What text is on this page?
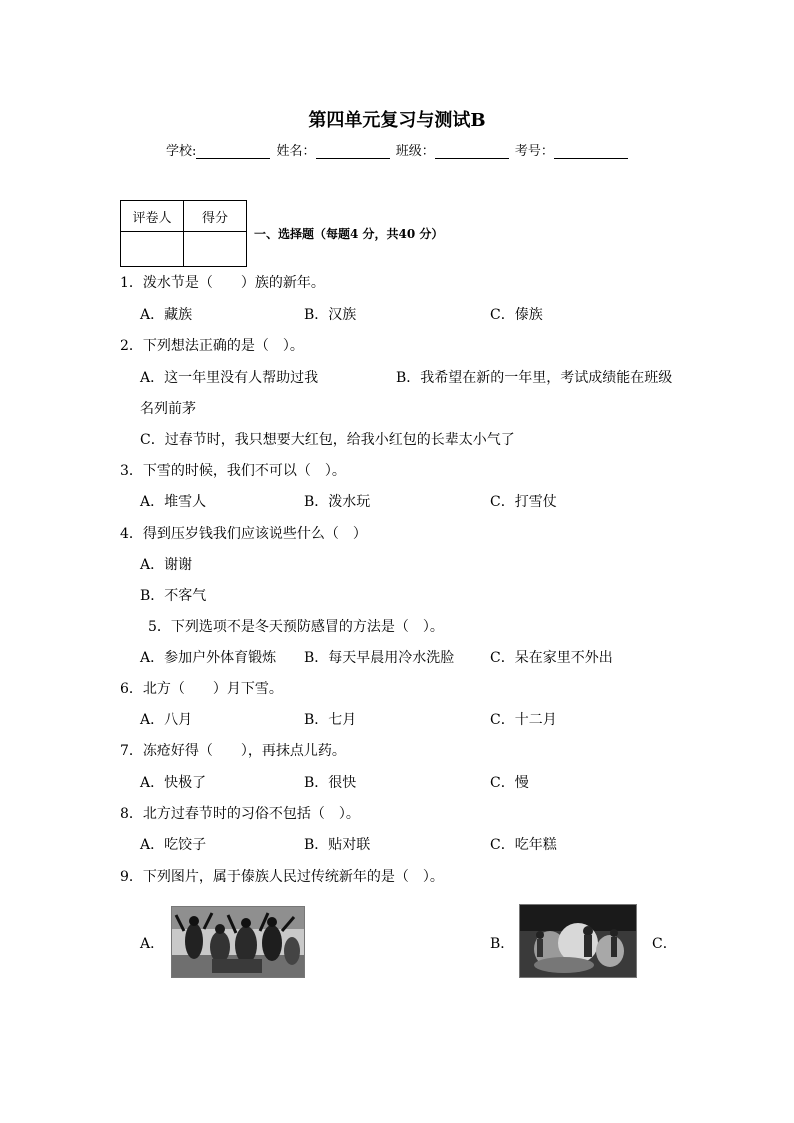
第四单元复习与测试B
学校:	姓名：	班级：	考号：
评卷人	得分

一、选择题（每题4 分，共40 分）
1．泼水节是（　　）族的新年。
A．藏族	B．汉族	C．傣族
2．下列想法正确的是（　）。
A．这一年里没有人帮助过我	B．我希望在新的一年里，考试成绩能在班级
名列前茅
C．过春节时，我只想要大红包，给我小红包的长辈太小气了
3．下雪的时候，我们不可以（　）。
A．堆雪人	B．泼水玩	C．打雪仗
4．得到压岁钱我们应该说些什么（　）
A．谢谢
B．不客气
5．下列选项不是冬天预防感冒的方法是（　）。
A．参加户外体育锻炼 B．每天早晨用冷水洗脸	C．呆在家里不外出
6．北方（　　）月下雪。
A．八月	B．七月	C．十二月
7．冻疮好得（　　），再抹点儿药。
A．快极了	B．很快	C．慢
8．北方过春节时的习俗不包括（　）。
A．吃饺子	B．贴对联	C．吃年糕
9．下列图片，属于傣族人民过传统新年的是（　）。
A．	B．	C．
